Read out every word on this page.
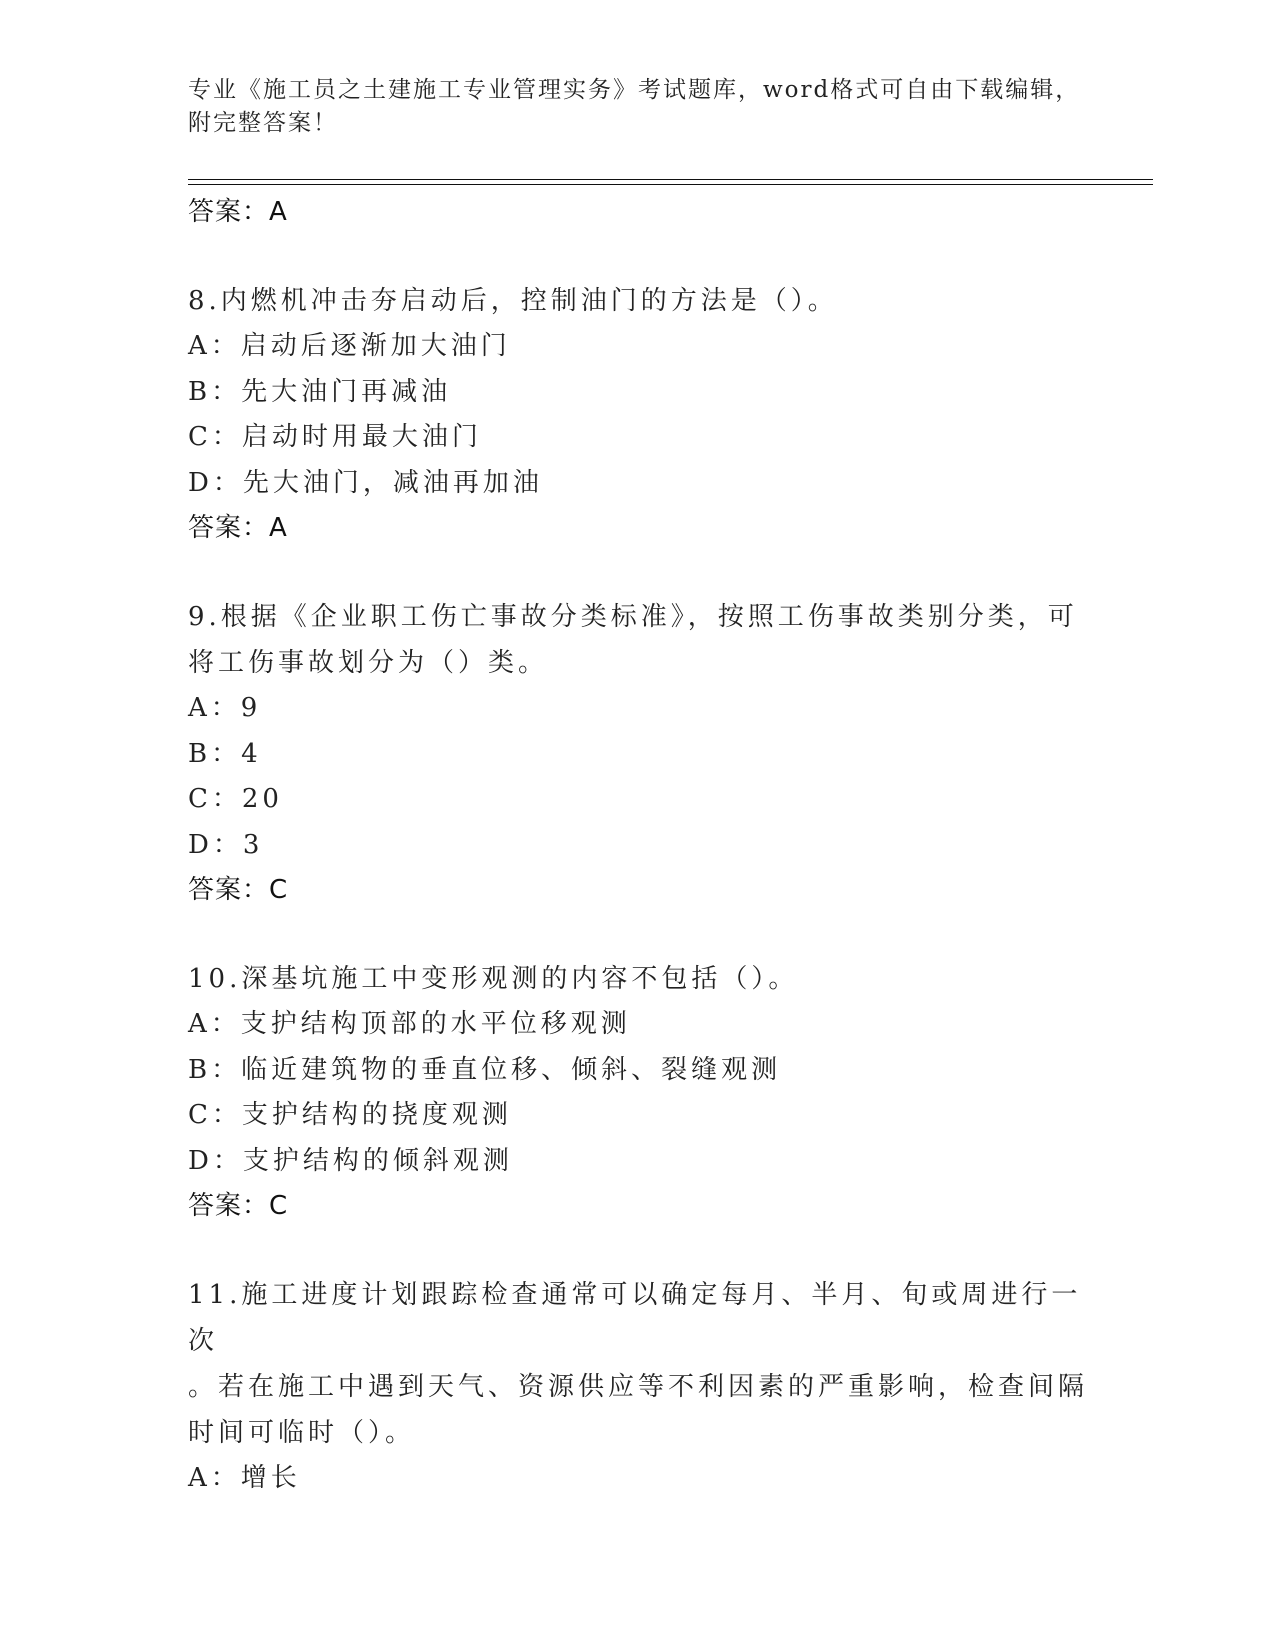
专业《施工员之土建施工专业管理实务》考试题库，word格式可自由下载编辑，
附完整答案！
答案：A
8.内燃机冲击夯启动后，控制油门的方法是（）。
A：启动后逐渐加大油门
B：先大油门再减油
C：启动时用最大油门
D：先大油门，减油再加油
答案：A
9.根据《企业职工伤亡事故分类标准》，按照工伤事故类别分类，可
将工伤事故划分为（）类。
A：9
B：4
C：20
D：3
答案：C
10.深基坑施工中变形观测的内容不包括（）。
A：支护结构顶部的水平位移观测
B：临近建筑物的垂直位移、倾斜、裂缝观测
C：支护结构的挠度观测
D：支护结构的倾斜观测
答案：C
11.施工进度计划跟踪检查通常可以确定每月、半月、旬或周进行一次
。若在施工中遇到天气、资源供应等不利因素的严重影响，检查间隔
时间可临时（）。
A：增长
